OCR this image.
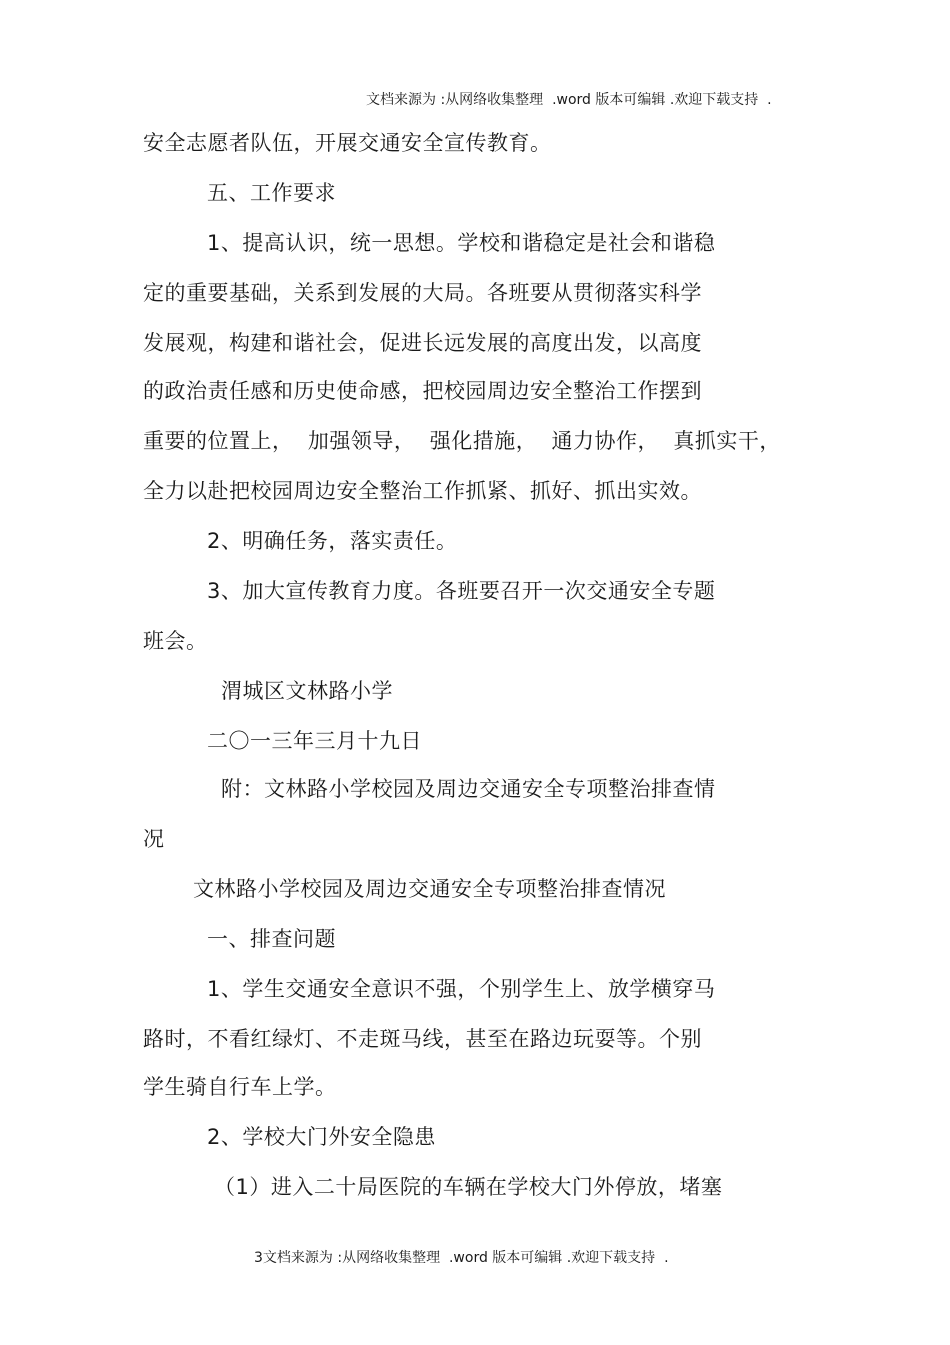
文档来源为 :从网络收集整理  .word 版本可编辑 .欢迎下载支持  .

安全志愿者队伍，开展交通安全宣传教育。
五、工作要求
1、提高认识，统一思想。学校和谐稳定是社会和谐稳
定的重要基础，关系到发展的大局。各班要从贯彻落实科学
发展观，构建和谐社会，促进长远发展的高度出发，以高度
的政治责任感和历史使命感，把校园周边安全整治工作摆到
重要的位置上，  加强领导，  强化措施，  通力协作，  真抓实干，
全力以赴把校园周边安全整治工作抓紧、抓好、抓出实效。
2、明确任务，落实责任。
3、加大宣传教育力度。各班要召开一次交通安全专题
班会。
渭城区文林路小学
二〇一三年三月十九日
附：文林路小学校园及周边交通安全专项整治排查情
况
文林路小学校园及周边交通安全专项整治排查情况
一、排查问题
1、学生交通安全意识不强，个别学生上、放学横穿马
路时，不看红绿灯、不走斑马线，甚至在路边玩耍等。个别
学生骑自行车上学。
2、学校大门外安全隐患
（1）进入二十局医院的车辆在学校大门外停放，堵塞

3文档来源为 :从网络收集整理  .word 版本可编辑 .欢迎下载支持  .
